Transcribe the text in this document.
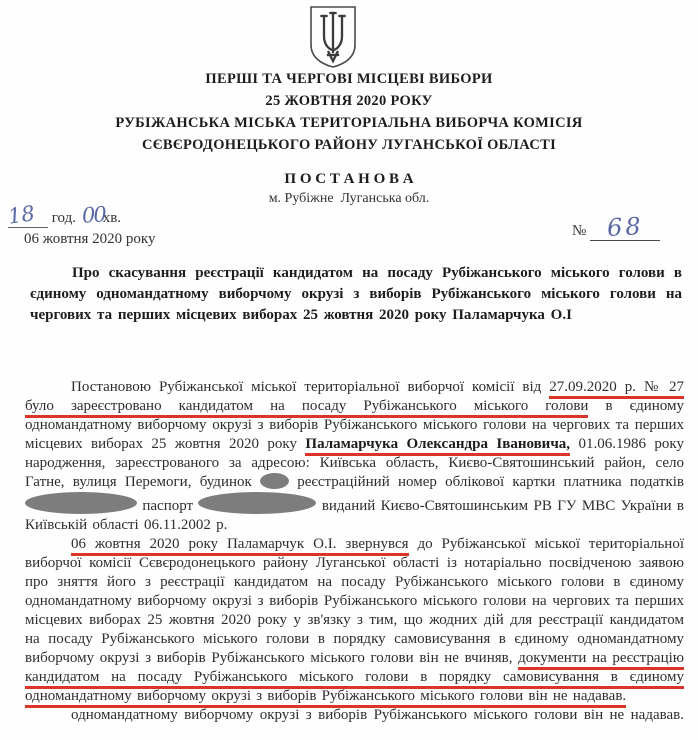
ПЕРШІ ТА ЧЕРГОВІ МІСЦЕВІ ВИБОРИ
25 ЖОВТНЯ 2020 РОКУ
РУБІЖАНСЬКА МІСЬКА ТЕРИТОРІАЛЬНА ВИБОРЧА КОМІСІЯ
СЄВЄРОДОНЕЦЬКОГО РАЙОНУ ЛУГАНСЬКОЇ ОБЛАСТІ
П О С Т А Н О В А
м. Рубіжне  Луганська обл.
18 год. 00хв.
06 жовтня 2020 року	№ 68
Про скасування реєстрації кандидатом на посаду Рубіжанського міського голови в єдиному одномандатному виборчому окрузі з виборів Рубіжанського міського голови на чергових та перших місцевих виборах 25 жовтня 2020 року Паламарчука О.І

Постановою Рубіжанської міської територіальної виборчої комісії від 27.09.2020 р. № 27 було зареєстровано кандидатом на посаду Рубіжанського міського голови в єдиному одномандатному виборчому окрузі з виборів Рубіжанського міського голови на чергових та перших місцевих виборах 25 жовтня 2020 року Паламарчука Олександра Івановича, 01.06.1986 року народження, зареєстрованого за адресою: Київська область, Києво-Святошинський район, село Гатне, вулиця Перемоги, будинок  реєстраційний номер облікової картки платника податків  паспорт	виданий Києво-Святошинським РВ ГУ МВС України в Київській області 06.11.2002 р.

06 жовтня 2020 року Паламарчук О.І. звернувся до Рубіжанської міської територіальної виборчої комісії Сєвєродонецького району Луганської області із нотаріально посвідченою заявою про зняття його з реєстрації кандидатом на посаду Рубіжанського міського голови в єдиному одномандатному виборчому окрузі з виборів Рубіжанського міського голови на чергових та перших місцевих виборах 25 жовтня 2020 року у зв'язку з тим, що жодних дій для реєстрації кандидатом на посаду Рубіжанського міського голови в порядку самовисування в єдиному одномандатному виборчому окрузі з виборів Рубіжанського міського голови він не вчиняв, документи на реєстрацію кандидатом на посаду Рубіжанського міського голови в порядку самовисування в єдиному одномандатному виборчому окрузі з виборів Рубіжанського міського голови він не надавав.

одномандатному виборчому окрузі з виборів Рубіжанського міського голови він не надавав.
